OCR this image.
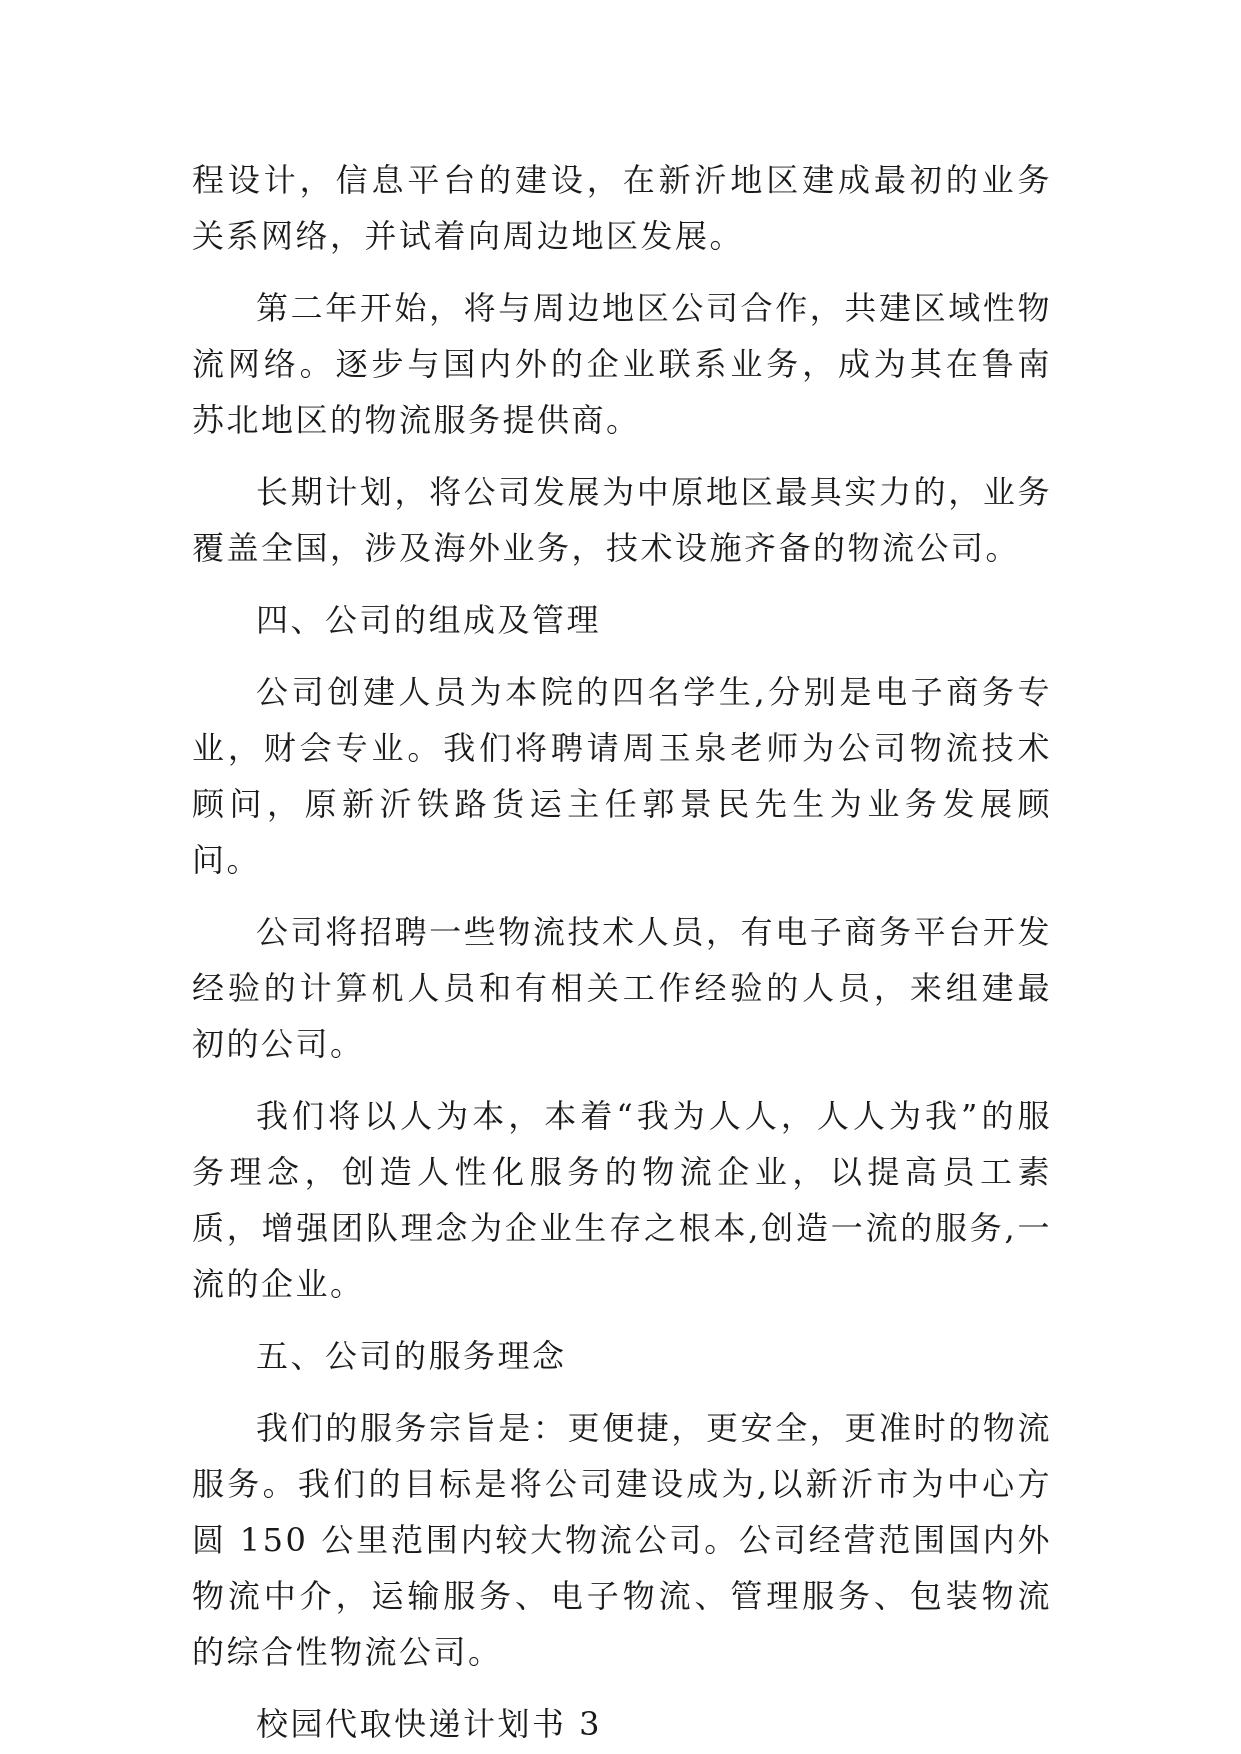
程设计，信息平台的建设，在新沂地区建成最初的业务关系网络，并试着向周边地区发展。

第二年开始，将与周边地区公司合作，共建区域性物流网络。逐步与国内外的企业联系业务，成为其在鲁南苏北地区的物流服务提供商。

长期计划，将公司发展为中原地区最具实力的，业务覆盖全国，涉及海外业务，技术设施齐备的物流公司。

四、公司的组成及管理

公司创建人员为本院的四名学生,分别是电子商务专业，财会专业。我们将聘请周玉泉老师为公司物流技术顾问，原新沂铁路货运主任郭景民先生为业务发展顾问。

公司将招聘一些物流技术人员，有电子商务平台开发经验的计算机人员和有相关工作经验的人员，来组建最初的公司。

我们将以人为本，本着“我为人人，人人为我”的服务理念，创造人性化服务的物流企业，以提高员工素质，增强团队理念为企业生存之根本,创造一流的服务,一流的企业。

五、公司的服务理念

我们的服务宗旨是：更便捷，更安全，更准时的物流服务。我们的目标是将公司建设成为,以新沂市为中心方圆 150 公里范围内较大物流公司。公司经营范围国内外物流中介，运输服务、电子物流、管理服务、包装物流的综合性物流公司。

校园代取快递计划书 3
